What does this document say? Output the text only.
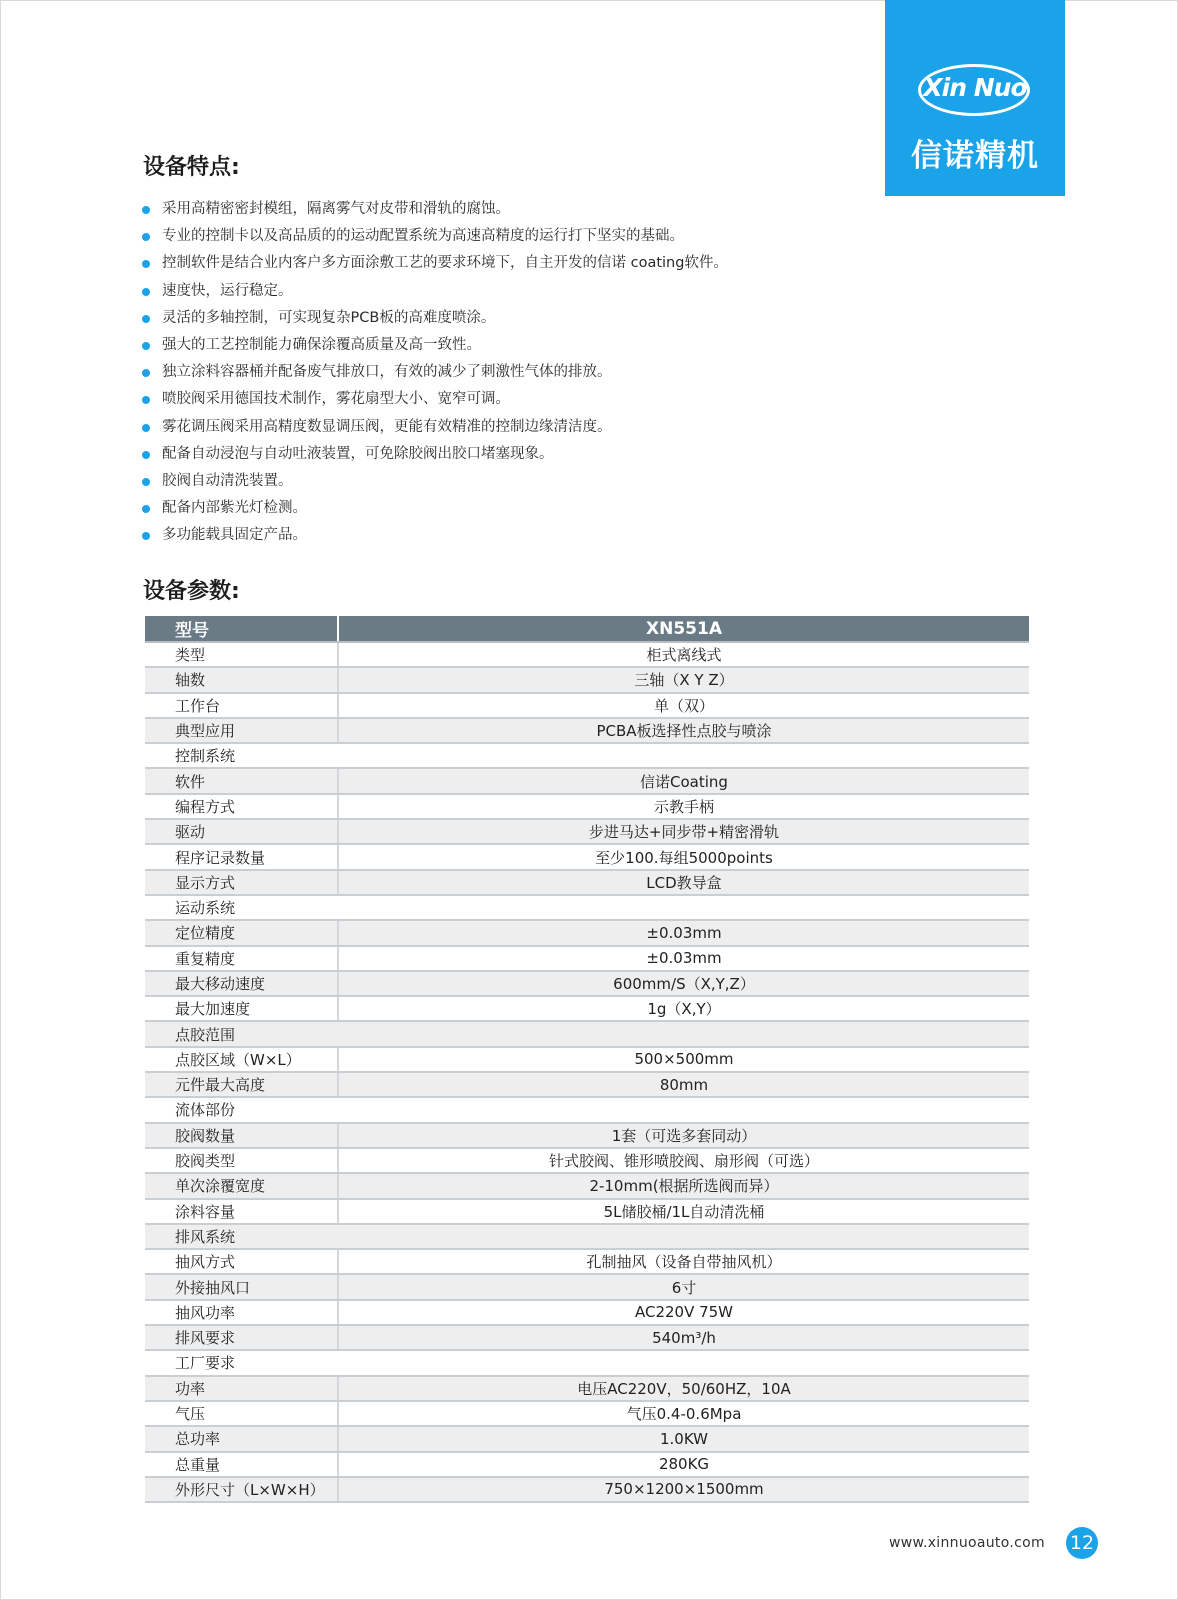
Xin Nuo
信诺精机
设备特点:
采用高精密密封模组，隔离雾气对皮带和滑轨的腐蚀。
专业的控制卡以及高品质的的运动配置系统为高速高精度的运行打下坚实的基础。
控制软件是结合业内客户多方面涂敷工艺的要求环境下，自主开发的信诺 coating软件。
速度快，运行稳定。
灵活的多轴控制，可实现复杂PCB板的高难度喷涂。
强大的工艺控制能力确保涂覆高质量及高一致性。
独立涂料容器桶并配备废气排放口，有效的减少了刺激性气体的排放。
喷胶阀采用德国技术制作，雾花扇型大小、宽窄可调。
雾花调压阀采用高精度数显调压阀，更能有效精准的控制边缘清洁度。
配备自动浸泡与自动吐液装置，可免除胶阀出胶口堵塞现象。
胶阀自动清洗装置。
配备内部紫光灯检测。
多功能载具固定产品。
设备参数:
型号	XN551A
类型	柜式离线式
轴数	三轴（X Y Z）
工作台	单（双）
典型应用	PCBA板选择性点胶与喷涂
控制系统	
软件	信诺Coating
编程方式	示教手柄
驱动	步进马达+同步带+精密滑轨
程序记录数量	至少100.每组5000points
显示方式	LCD教导盒
运动系统	
定位精度	±0.03mm
重复精度	±0.03mm
最大移动速度	600mm/S（X,Y,Z）
最大加速度	1g（X,Y）
点胶范围	
点胶区域（W×L）	500×500mm
元件最大高度	80mm
流体部份	
胶阀数量	1套（可选多套同动）
胶阀类型	针式胶阀、锥形喷胶阀、扇形阀（可选）
单次涂覆宽度	2-10mm(根据所选阀而异）
涂料容量	5L储胶桶/1L自动清洗桶
排风系统	
抽风方式	孔制抽风（设备自带抽风机）
外接抽风口	6寸
抽风功率	AC220V 75W
排风要求	540m³/h
工厂要求	
功率	电压AC220V，50/60HZ，10A
气压	气压0.4-0.6Mpa
总功率	1.0KW
总重量	280KG
外形尺寸（L×W×H）	750×1200×1500mm
www.xinnuoauto.com 12
